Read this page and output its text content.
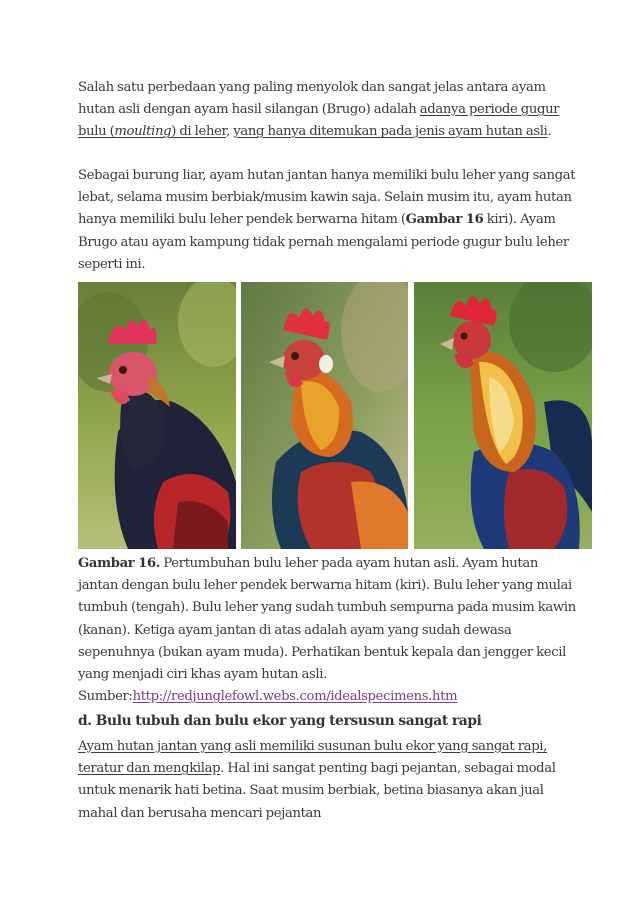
Salah satu perbedaan yang paling menyolok dan sangat jelas antara ayam hutan asli dengan ayam hasil silangan (Brugo) adalah adanya periode gugur bulu (moulting) di leher, yang hanya ditemukan pada jenis ayam hutan asli.
Sebagai burung liar, ayam hutan jantan hanya memiliki bulu leher yang sangat lebat, selama musim berbiak/musim kawin saja. Selain musim itu, ayam hutan hanya memiliki bulu leher pendek berwarna hitam (Gambar 16 kiri). Ayam Brugo atau ayam kampung tidak pernah mengalami periode gugur bulu leher seperti ini.
Gambar 16. Pertumbuhan bulu leher pada ayam hutan asli. Ayam hutan jantan dengan bulu leher pendek berwarna hitam (kiri). Bulu leher yang mulai tumbuh (tengah). Bulu leher yang sudah tumbuh sempurna pada musim kawin (kanan). Ketiga ayam jantan di atas adalah ayam yang sudah dewasa sepenuhnya (bukan ayam muda). Perhatikan bentuk kepala dan jengger kecil yang menjadi ciri khas ayam hutan asli.
Sumber:http://redjunglefowl.webs.com/idealspecimens.htm
d. Bulu tubuh dan bulu ekor yang tersusun sangat rapi
Ayam hutan jantan yang asli memiliki susunan bulu ekor yang sangat rapi, teratur dan mengkilap. Hal ini sangat penting bagi pejantan, sebagai modal untuk menarik hati betina. Saat musim berbiak, betina biasanya akan jual mahal dan berusaha mencari pejantan
